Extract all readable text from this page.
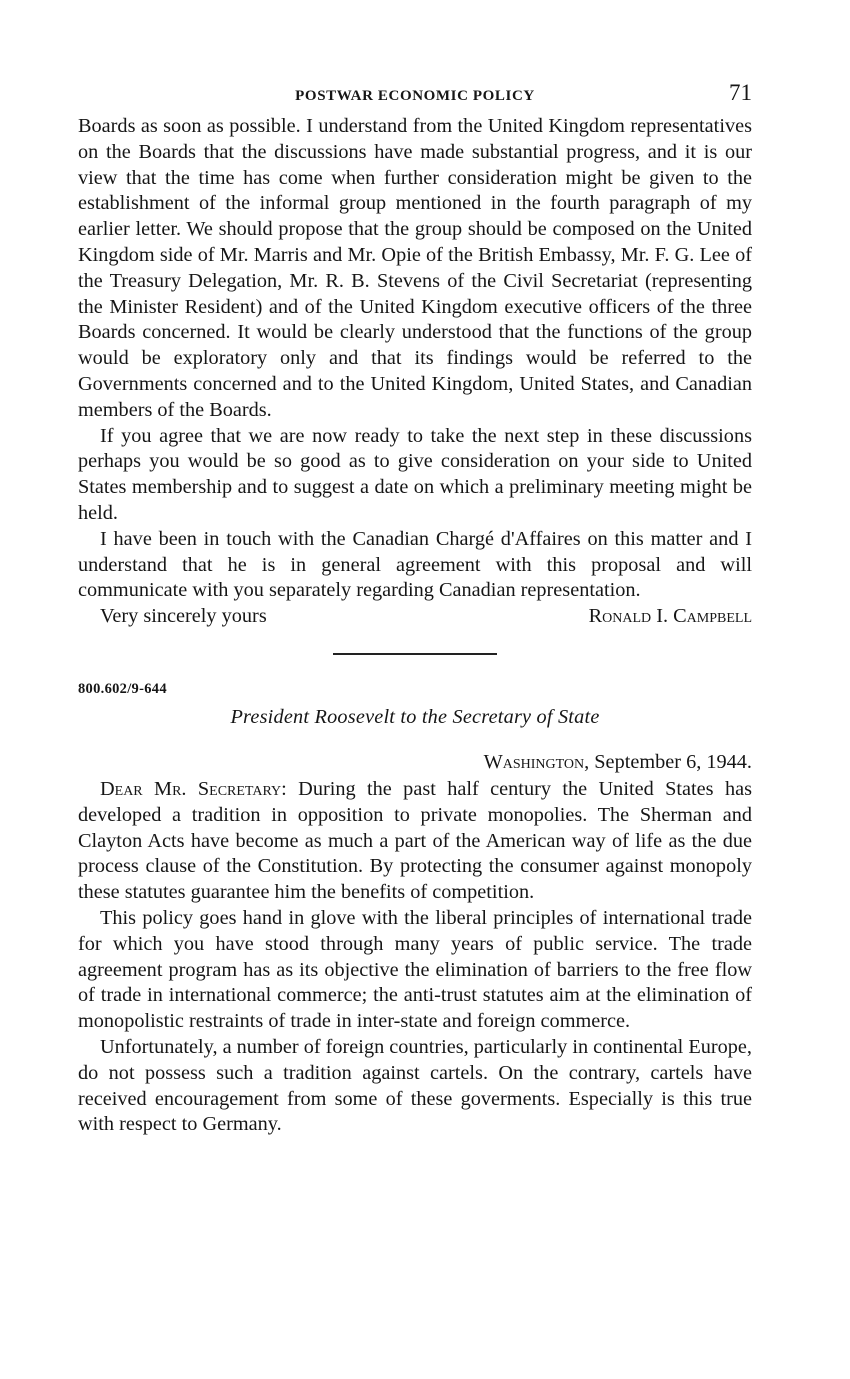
POSTWAR ECONOMIC POLICY	71

Boards as soon as possible. I understand from the United Kingdom representatives on the Boards that the discussions have made substantial progress, and it is our view that the time has come when further consideration might be given to the establishment of the informal group mentioned in the fourth paragraph of my earlier letter. We should propose that the group should be composed on the United Kingdom side of Mr. Marris and Mr. Opie of the British Embassy, Mr. F. G. Lee of the Treasury Delegation, Mr. R. B. Stevens of the Civil Secretariat (representing the Minister Resident) and of the United Kingdom executive officers of the three Boards concerned. It would be clearly understood that the functions of the group would be exploratory only and that its findings would be referred to the Governments concerned and to the United Kingdom, United States, and Canadian members of the Boards.

If you agree that we are now ready to take the next step in these discussions perhaps you would be so good as to give consideration on your side to United States membership and to suggest a date on which a preliminary meeting might be held.

I have been in touch with the Canadian Chargé d'Affaires on this matter and I understand that he is in general agreement with this proposal and will communicate with you separately regarding Canadian representation.

Very sincerely yours	Ronald I. Campbell
800.602/9-644
President Roosevelt to the Secretary of State
Washington, September 6, 1944.

Dear Mr. Secretary: During the past half century the United States has developed a tradition in opposition to private monopolies. The Sherman and Clayton Acts have become as much a part of the American way of life as the due process clause of the Constitution. By protecting the consumer against monopoly these statutes guarantee him the benefits of competition.

This policy goes hand in glove with the liberal principles of international trade for which you have stood through many years of public service. The trade agreement program has as its objective the elimination of barriers to the free flow of trade in international commerce; the anti-trust statutes aim at the elimination of monopolistic restraints of trade in inter-state and foreign commerce.

Unfortunately, a number of foreign countries, particularly in continental Europe, do not possess such a tradition against cartels. On the contrary, cartels have received encouragement from some of these goverments. Especially is this true with respect to Germany.
